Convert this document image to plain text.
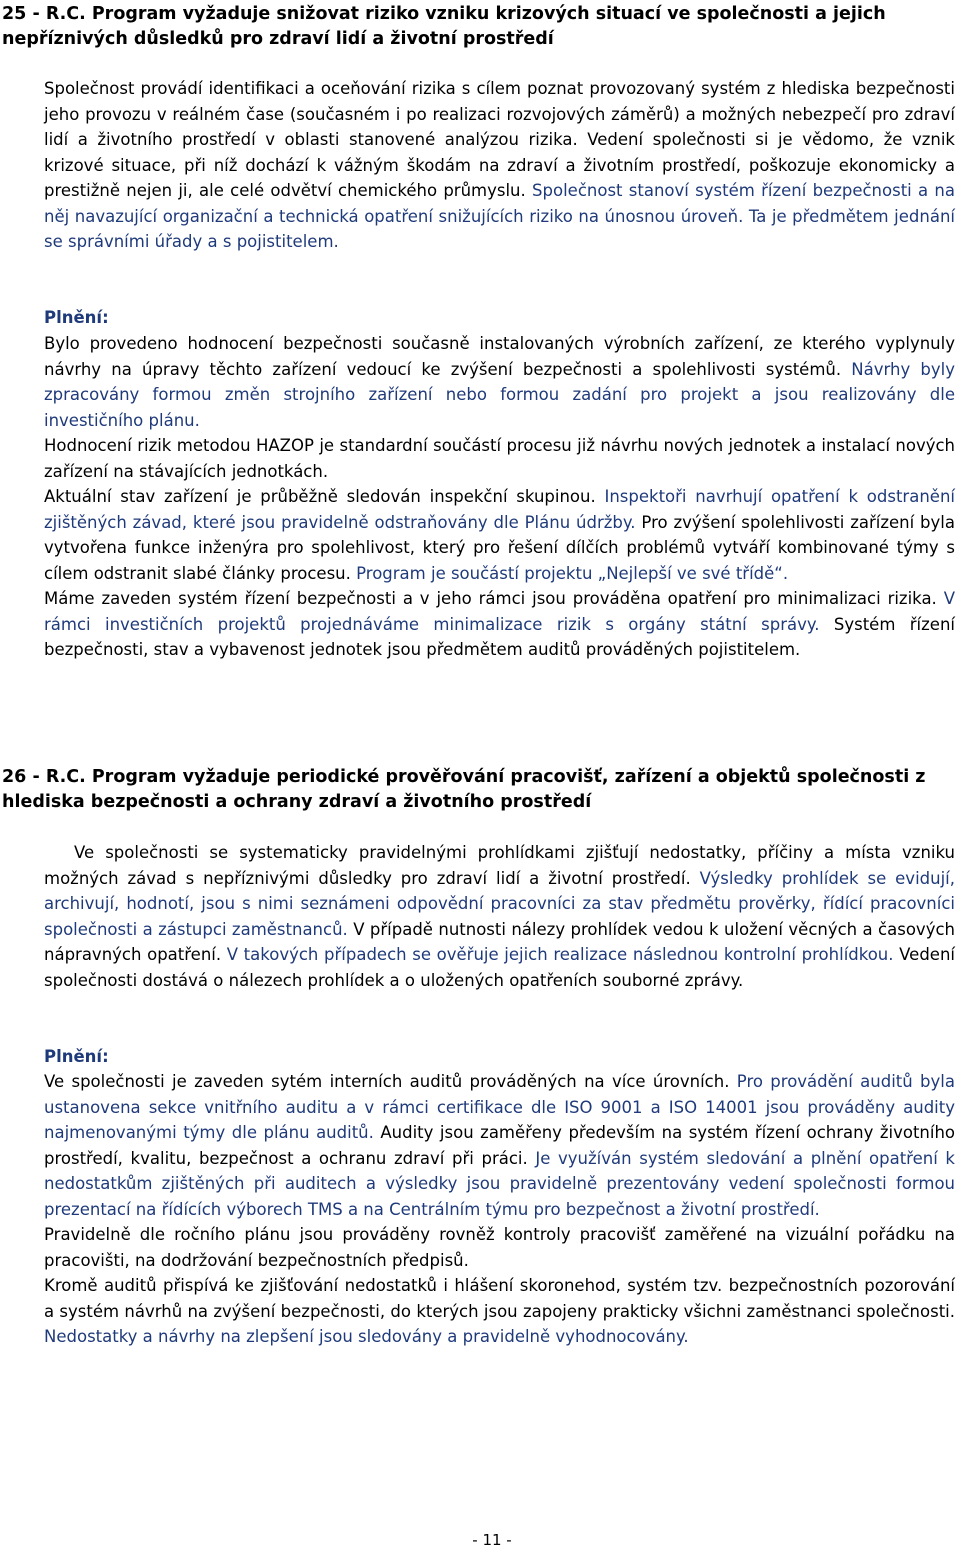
25 - R.C. Program vyžaduje snižovat riziko vzniku krizových situací ve společnosti a jejich nepříznivých důsledků pro zdraví lidí a životní prostředí

Společnost provádí identifikaci a oceňování rizika s cílem poznat provozovaný systém z hlediska bezpečnosti jeho provozu v reálném čase (současném i po realizaci rozvojových záměrů) a možných nebezpečí pro zdraví lidí a životního prostředí v oblasti stanovené analýzou rizika. Vedení společnosti si je vědomo, že vznik krizové situace, při níž dochází k vážným škodám na zdraví a životním prostředí, poškozuje ekonomicky a prestižně nejen ji, ale celé odvětví chemického průmyslu. Společnost stanoví systém řízení bezpečnosti a na něj navazující organizační a technická opatření snižujících riziko na únosnou úroveň. Ta je předmětem jednání se správními úřady a s pojistitelem.

Plnění:

Bylo provedeno hodnocení bezpečnosti současně instalovaných výrobních zařízení, ze kterého vyplynuly návrhy na úpravy těchto zařízení vedoucí ke zvýšení bezpečnosti a spolehlivosti systémů. Návrhy byly zpracovány formou změn strojního zařízení nebo formou zadání pro projekt a jsou realizovány dle investičního plánu.

Hodnocení rizik metodou HAZOP je standardní součástí procesu již návrhu nových jednotek a instalací nových zařízení na stávajících jednotkách.

Aktuální stav zařízení je průběžně sledován inspekční skupinou. Inspektoři navrhují opatření k odstranění zjištěných závad, které jsou pravidelně odstraňovány dle Plánu údržby. Pro zvýšení spolehlivosti zařízení byla vytvořena funkce inženýra pro spolehlivost, který pro řešení dílčích problémů vytváří kombinované týmy s cílem odstranit slabé články procesu. Program je součástí projektu „Nejlepší ve své třídě“.

Máme zaveden systém řízení bezpečnosti a v jeho rámci jsou prováděna opatření pro minimalizaci rizika. V rámci investičních projektů projednáváme minimalizace rizik s orgány státní správy. Systém řízení bezpečnosti, stav a vybavenost jednotek jsou předmětem auditů prováděných pojistitelem.

26 - R.C. Program vyžaduje periodické prověřování pracovišť, zařízení a objektů společnosti z hlediska bezpečnosti a ochrany zdraví a životního prostředí

Ve společnosti se systematicky pravidelnými prohlídkami zjišťují nedostatky, příčiny a místa vzniku možných závad s nepříznivými důsledky pro zdraví lidí a životní prostředí. Výsledky prohlídek se evidují, archivují, hodnotí, jsou s nimi seznámeni odpovědní pracovníci za stav předmětu prověrky, řídící pracovníci společnosti a zástupci zaměstnanců. V případě nutnosti nálezy prohlídek vedou k uložení věcných a časových nápravných opatření. V takových případech se ověřuje jejich realizace následnou kontrolní prohlídkou. Vedení společnosti dostává o nálezech prohlídek a o uložených opatřeních souborné zprávy.

Plnění:

Ve společnosti je zaveden sytém interních auditů prováděných na více úrovních. Pro provádění auditů byla ustanovena sekce vnitřního auditu a v rámci certifikace dle ISO 9001 a ISO 14001 jsou prováděny audity najmenovanými týmy dle plánu auditů. Audity jsou zaměřeny především na systém řízení ochrany životního prostředí, kvalitu, bezpečnost a ochranu zdraví při práci. Je využíván systém sledování a plnění opatření k nedostatkům zjištěných při auditech a výsledky jsou pravidelně prezentovány vedení společnosti formou prezentací na řídících výborech TMS a na Centrálním týmu pro bezpečnost a životní prostředí.

Pravidelně dle ročního plánu jsou prováděny rovněž kontroly pracovišť zaměřené na vizuální pořádku na pracovišti, na dodržování bezpečnostních předpisů.

Kromě auditů přispívá ke zjišťování nedostatků i hlášení skoronehod, systém tzv. bezpečnostních pozorování a systém návrhů na zvýšení bezpečnosti, do kterých jsou zapojeny prakticky všichni zaměstnanci společnosti. Nedostatky a návrhy na zlepšení jsou sledovány a pravidelně vyhodnocovány.

- 11 -
